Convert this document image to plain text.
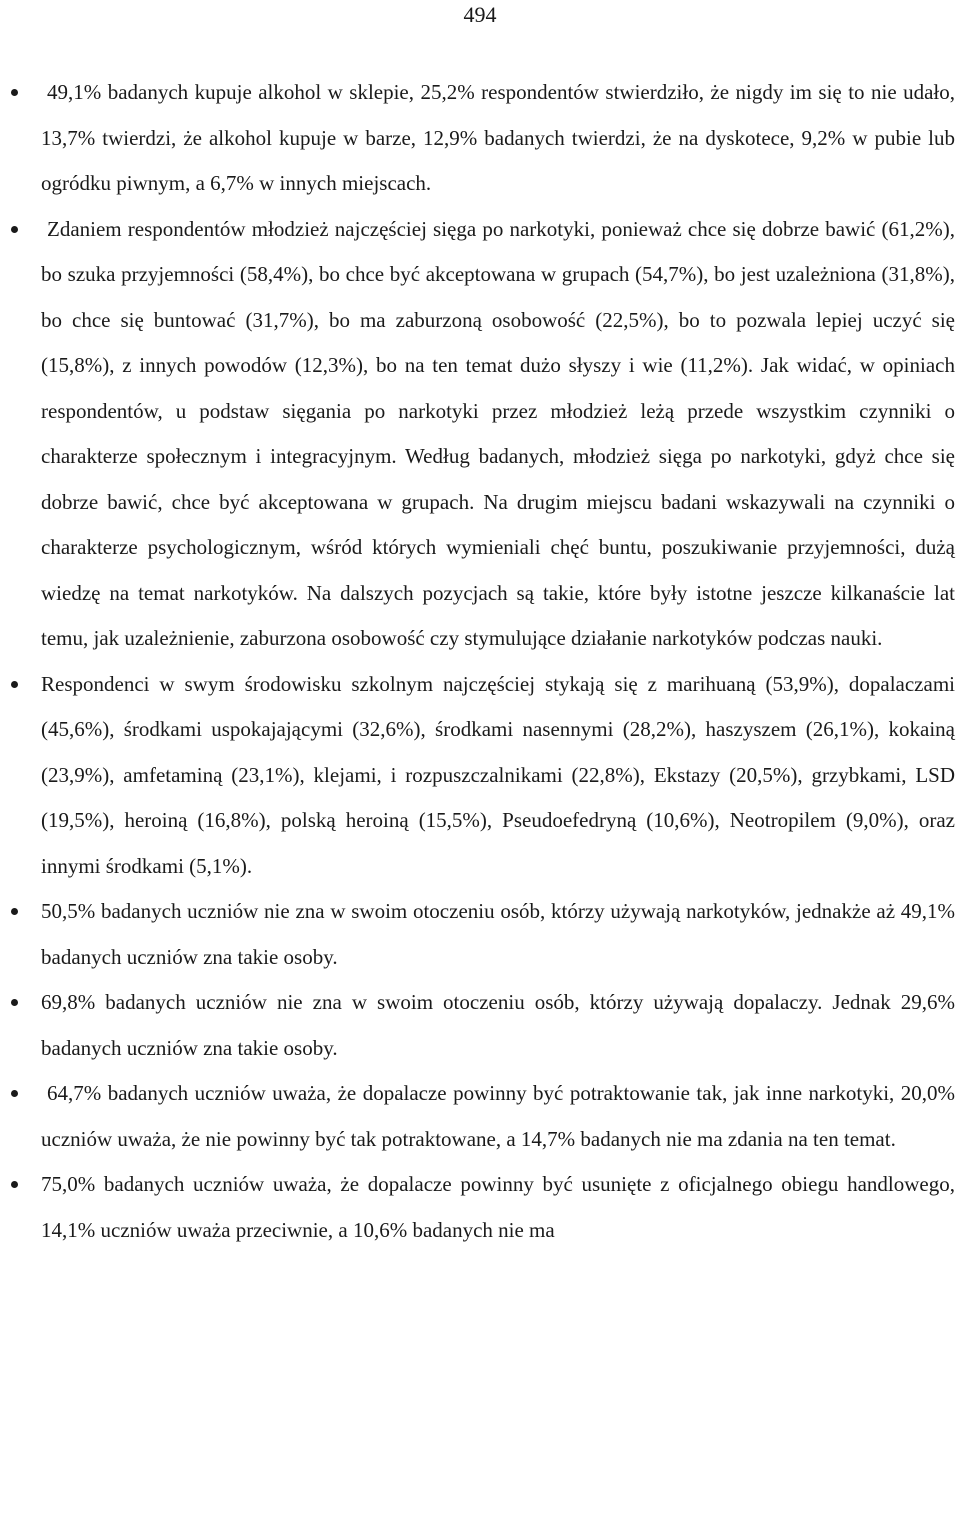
494
49,1% badanych kupuje alkohol w sklepie, 25,2% respondentów stwierdziło, że nigdy im się to nie udało, 13,7% twierdzi, że alkohol kupuje w barze, 12,9% badanych twierdzi, że na dyskotece, 9,2% w pubie lub ogródku piwnym, a 6,7% w innych miejscach.
Zdaniem respondentów młodzież najczęściej sięga po narkotyki, ponieważ chce się dobrze bawić (61,2%), bo szuka przyjemności (58,4%), bo chce być akceptowana w grupach (54,7%), bo jest uzależniona (31,8%), bo chce się buntować (31,7%), bo ma zaburzoną osobowość (22,5%), bo to pozwala lepiej uczyć się (15,8%), z innych powodów (12,3%), bo na ten temat dużo słyszy i wie (11,2%). Jak widać, w opiniach respondentów, u podstaw sięgania po narkotyki przez młodzież leżą przede wszystkim czynniki o charakterze społecznym i integracyjnym. Według badanych, młodzież sięga po narkotyki, gdyż chce się dobrze bawić, chce być akceptowana w grupach. Na drugim miejscu badani wskazywali na czynniki o charakterze psychologicznym, wśród których wymieniali chęć buntu, poszukiwanie przyjemności, dużą wiedzę na temat narkotyków. Na dalszych pozycjach są takie, które były istotne jeszcze kilkanaście lat temu, jak uzależnienie, zaburzona osobowość czy stymulujące działanie narkotyków podczas nauki.
Respondenci w swym środowisku szkolnym najczęściej stykają się z marihuaną (53,9%), dopalaczami (45,6%), środkami uspokajającymi (32,6%), środkami nasennymi (28,2%), haszyszem (26,1%), kokainą (23,9%), amfetaminą (23,1%), klejami, i rozpuszczalnikami (22,8%), Ekstazy (20,5%), grzybkami, LSD (19,5%), heroiną (16,8%), polską heroiną (15,5%), Pseudoefedryną (10,6%), Neotropilem (9,0%), oraz innymi środkami (5,1%).
50,5% badanych uczniów nie zna w swoim otoczeniu osób, którzy używają narkotyków, jednakże aż 49,1% badanych uczniów zna takie osoby.
69,8% badanych uczniów nie zna w swoim otoczeniu osób, którzy używają dopalaczy. Jednak 29,6% badanych uczniów zna takie osoby.
64,7% badanych uczniów uważa, że dopalacze powinny być potraktowanie tak, jak inne narkotyki, 20,0% uczniów uważa, że nie powinny być tak potraktowane, a 14,7% badanych nie ma zdania na ten temat.
75,0% badanych uczniów uważa, że dopalacze powinny być usunięte z oficjalnego obiegu handlowego, 14,1% uczniów uważa przeciwnie, a 10,6% badanych nie ma
